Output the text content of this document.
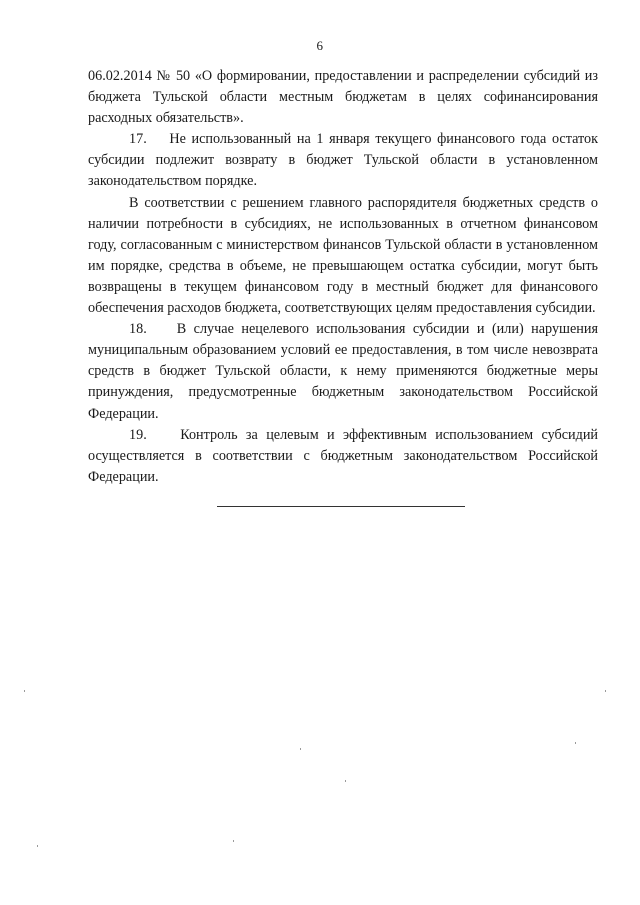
6

06.02.2014 № 50 «О формировании, предоставлении и распределении субсидий из бюджета Тульской области местным бюджетам в целях софинансирования расходных обязательств».

17.    Не использованный на 1 января текущего финансового года остаток субсидии подлежит возврату в бюджет Тульской области в установленном законодательством порядке.

В соответствии с решением главного распорядителя бюджетных средств о наличии потребности в субсидиях, не использованных в отчетном финансовом году, согласованным с министерством финансов Тульской области в установленном им порядке, средства в объеме, не превышающем остатка субсидии, могут быть возвращены в текущем финансовом году в местный бюджет для финансового обеспечения расходов бюджета, соответствующих целям предоставления субсидии.

18.    В случае нецелевого использования субсидии и (или) нарушения муниципальным образованием условий ее предоставления, в том числе невозврата средств в бюджет Тульской области, к нему применяются бюджетные меры принуждения, предусмотренные бюджетным законодательством Российской Федерации.

19.    Контроль за целевым и эффективным использованием субсидий осуществляется в соответствии с бюджетным законодательством Российской Федерации.
